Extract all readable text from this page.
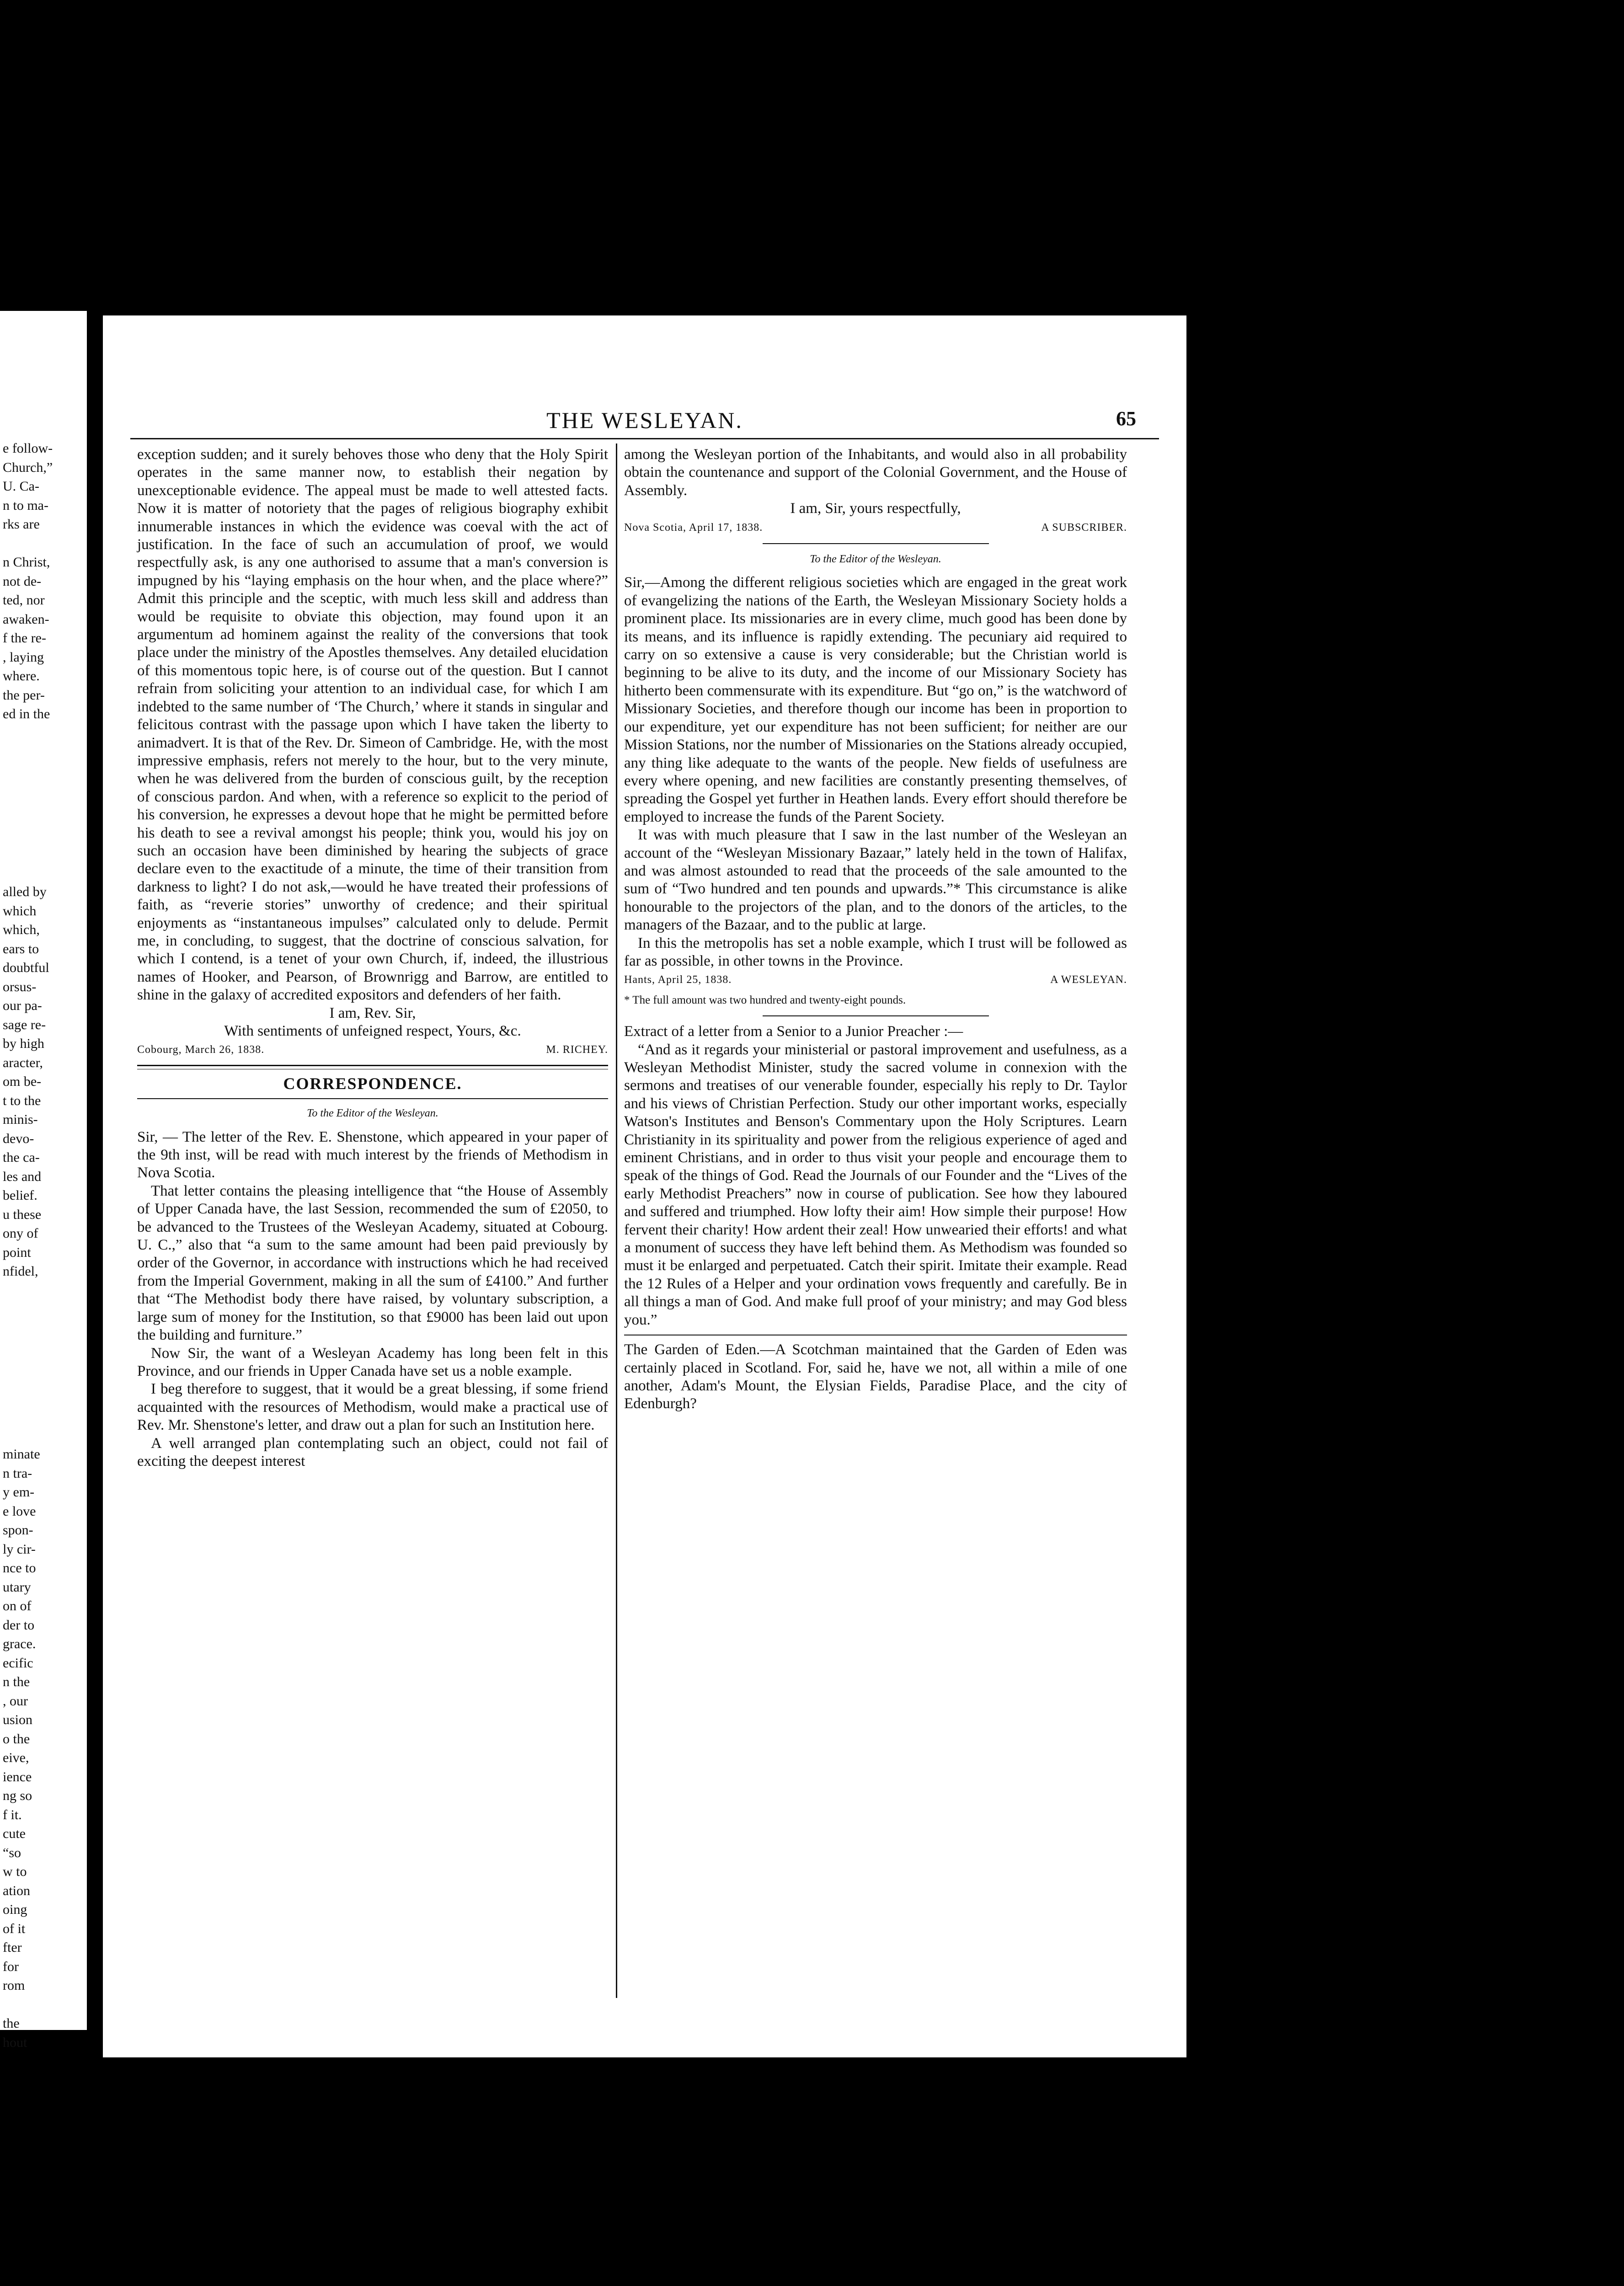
e follow-
Church,”
U. Ca-
n to ma-
rks are

n Christ,
not de-
ted, nor
awaken-
f the re-
, laying
where.
the per-
ed in the
alled by
which
which,
ears to
doubtful
orsus-
our pa-
sage re-
by high
aracter,
om be-
t to the
minis-
devo-
the ca-
les and
belief.
u these
ony of
point
nfidel,
minate
n tra-
y em-
e love
spon-
ly cir-
nce to
utary
on of
der to
grace.
ecific
n the
, our
usion
o the
eive,
ience
ng so
f it.
cute
“so
w to
ation
oing
of it
fter
for
rom

the
hout
THE WESLEYAN.	65

exception sudden; and it surely behoves those who deny that the Holy Spirit operates in the same manner now, to establish their negation by unexceptionable evidence. The appeal must be made to well attested facts. Now it is matter of notoriety that the pages of religious biography exhibit innumerable instances in which the evidence was coeval with the act of justification. In the face of such an accumulation of proof, we would respectfully ask, is any one authorised to assume that a man's conversion is impugned by his “laying emphasis on the hour when, and the place where?” Admit this principle and the sceptic, with much less skill and address than would be requisite to obviate this objection, may found upon it an argumentum ad hominem against the reality of the conversions that took place under the ministry of the Apostles themselves. Any detailed elucidation of this momentous topic here, is of course out of the question. But I cannot refrain from soliciting your attention to an individual case, for which I am indebted to the same number of ‘The Church,’ where it stands in singular and felicitous contrast with the passage upon which I have taken the liberty to animadvert. It is that of the Rev. Dr. Simeon of Cambridge. He, with the most impressive emphasis, refers not merely to the hour, but to the very minute, when he was delivered from the burden of conscious guilt, by the reception of conscious pardon. And when, with a reference so explicit to the period of his conversion, he expresses a devout hope that he might be permitted before his death to see a revival amongst his people; think you, would his joy on such an occasion have been diminished by hearing the subjects of grace declare even to the exactitude of a minute, the time of their transition from darkness to light? I do not ask,—would he have treated their professions of faith, as “reverie stories” unworthy of credence; and their spiritual enjoyments as “instantaneous impulses” calculated only to delude. Permit me, in concluding, to suggest, that the doctrine of conscious salvation, for which I contend, is a tenet of your own Church, if, indeed, the illustrious names of Hooker, and Pearson, of Brownrigg and Barrow, are entitled to shine in the galaxy of accredited expositors and defenders of her faith.

I am, Rev. Sir,

With sentiments of unfeigned respect, Yours, &c.

Cobourg, March 26, 1838.	M. RICHEY.
CORRESPONDENCE.
To the Editor of the Wesleyan.

Sir, — The letter of the Rev. E. Shenstone, which appeared in your paper of the 9th inst, will be read with much interest by the friends of Methodism in Nova Scotia.

That letter contains the pleasing intelligence that “the House of Assembly of Upper Canada have, the last Session, recommended the sum of £2050, to be advanced to the Trustees of the Wesleyan Academy, situated at Cobourg. U. C.,” also that “a sum to the same amount had been paid previously by order of the Governor, in accordance with instructions which he had received from the Imperial Government, making in all the sum of £4100.” And further that “The Methodist body there have raised, by voluntary subscription, a large sum of money for the Institution, so that £9000 has been laid out upon the building and furniture.”

Now Sir, the want of a Wesleyan Academy has long been felt in this Province, and our friends in Upper Canada have set us a noble example.

I beg therefore to suggest, that it would be a great blessing, if some friend acquainted with the resources of Methodism, would make a practical use of Rev. Mr. Shenstone's letter, and draw out a plan for such an Institution here.

A well arranged plan contemplating such an object, could not fail of exciting the deepest interest

among the Wesleyan portion of the Inhabitants, and would also in all probability obtain the countenance and support of the Colonial Government, and the House of Assembly.

I am, Sir, yours respectfully,

Nova Scotia, April 17, 1838.	A SUBSCRIBER.
To the Editor of the Wesleyan.

Sir,—Among the different religious societies which are engaged in the great work of evangelizing the nations of the Earth, the Wesleyan Missionary Society holds a prominent place. Its missionaries are in every clime, much good has been done by its means, and its influence is rapidly extending. The pecuniary aid required to carry on so extensive a cause is very considerable; but the Christian world is beginning to be alive to its duty, and the income of our Missionary Society has hitherto been commensurate with its expenditure. But “go on,” is the watchword of Missionary Societies, and therefore though our income has been in proportion to our expenditure, yet our expenditure has not been sufficient; for neither are our Mission Stations, nor the number of Missionaries on the Stations already occupied, any thing like adequate to the wants of the people. New fields of usefulness are every where opening, and new facilities are constantly presenting themselves, of spreading the Gospel yet further in Heathen lands. Every effort should therefore be employed to increase the funds of the Parent Society.

It was with much pleasure that I saw in the last number of the Wesleyan an account of the “Wesleyan Missionary Bazaar,” lately held in the town of Halifax, and was almost astounded to read that the proceeds of the sale amounted to the sum of “Two hundred and ten pounds and upwards.”* This circumstance is alike honourable to the projectors of the plan, and to the donors of the articles, to the managers of the Bazaar, and to the public at large.

In this the metropolis has set a noble example, which I trust will be followed as far as possible, in other towns in the Province.

Hants, April 25, 1838.	A WESLEYAN.
* The full amount was two hundred and twenty-eight pounds.

Extract of a letter from a Senior to a Junior Preacher :—

“And as it regards your ministerial or pastoral improvement and usefulness, as a Wesleyan Methodist Minister, study the sacred volume in connexion with the sermons and treatises of our venerable founder, especially his reply to Dr. Taylor and his views of Christian Perfection. Study our other important works, especially Watson's Institutes and Benson's Commentary upon the Holy Scriptures. Learn Christianity in its spirituality and power from the religious experience of aged and eminent Christians, and in order to thus visit your people and encourage them to speak of the things of God. Read the Journals of our Founder and the “Lives of the early Methodist Preachers” now in course of publication. See how they laboured and suffered and triumphed. How lofty their aim! How simple their purpose! How fervent their charity! How ardent their zeal! How unwearied their efforts! and what a monument of success they have left behind them. As Methodism was founded so must it be enlarged and perpetuated. Catch their spirit. Imitate their example. Read the 12 Rules of a Helper and your ordination vows frequently and carefully. Be in all things a man of God. And make full proof of your ministry; and may God bless you.”

The Garden of Eden.—A Scotchman maintained that the Garden of Eden was certainly placed in Scotland. For, said he, have we not, all within a mile of one another, Adam's Mount, the Elysian Fields, Paradise Place, and the city of Edenburgh?
